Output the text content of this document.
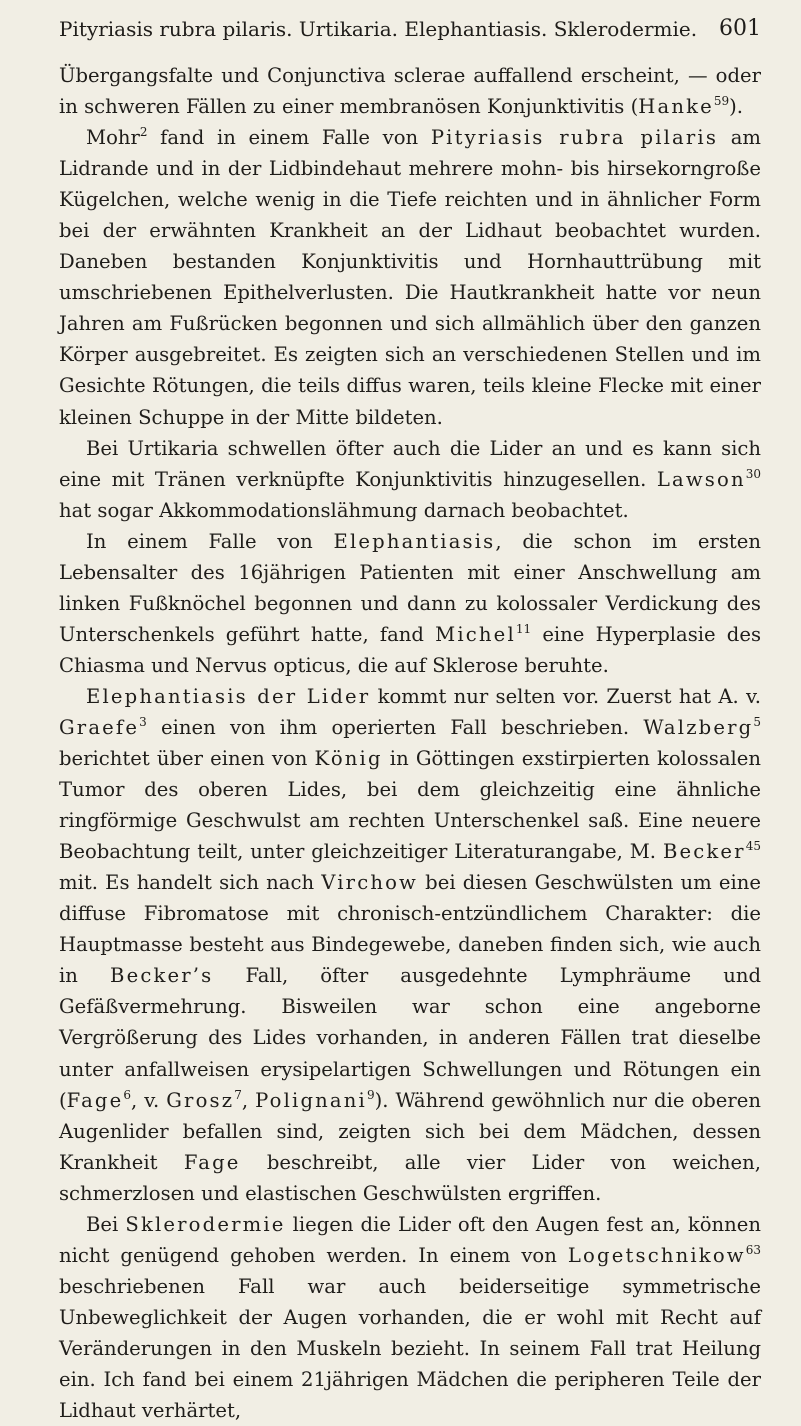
Pityriasis rubra pilaris. Urtikaria. Elephantiasis. Sklerodermie. 601

Übergangsfalte und Conjunctiva sclerae auffallend erscheint, — oder in schweren Fällen zu einer membranösen Konjunktivitis (Hanke$^{59}$).

Mohr$^2$ fand in einem Falle von Pityriasis rubra pilaris am Lidrande und in der Lidbindehaut mehrere mohn- bis hirsekorngroße Kügelchen, welche wenig in die Tiefe reichten und in ähnlicher Form bei der erwähnten Krankheit an der Lidhaut beobachtet wurden. Daneben bestanden Konjunktivitis und Hornhauttrübung mit umschriebenen Epithelverlusten. Die Hautkrankheit hatte vor neun Jahren am Fußrücken begonnen und sich allmählich über den ganzen Körper ausgebreitet. Es zeigten sich an verschiedenen Stellen und im Gesichte Rötungen, die teils diffus waren, teils kleine Flecke mit einer kleinen Schuppe in der Mitte bildeten.

Bei Urtikaria schwellen öfter auch die Lider an und es kann sich eine mit Tränen verknüpfte Konjunktivitis hinzugesellen. Lawson$^{30}$ hat sogar Akkommodationslähmung darnach beobachtet.

In einem Falle von Elephantiasis, die schon im ersten Lebensalter des 16jährigen Patienten mit einer Anschwellung am linken Fußknöchel begonnen und dann zu kolossaler Verdickung des Unterschenkels geführt hatte, fand Michel$^{11}$ eine Hyperplasie des Chiasma und Nervus opticus, die auf Sklerose beruhte.

Elephantiasis der Lider kommt nur selten vor. Zuerst hat A. v. Graefe$^3$ einen von ihm operierten Fall beschrieben. Walzberg$^5$ berichtet über einen von König in Göttingen exstirpierten kolossalen Tumor des oberen Lides, bei dem gleichzeitig eine ähnliche ringförmige Geschwulst am rechten Unterschenkel saß. Eine neuere Beobachtung teilt, unter gleichzeitiger Literaturangabe, M. Becker$^{45}$ mit. Es handelt sich nach Virchow bei diesen Geschwülsten um eine diffuse Fibromatose mit chronisch-entzündlichem Charakter: die Hauptmasse besteht aus Bindegewebe, daneben finden sich, wie auch in Becker’s Fall, öfter ausgedehnte Lymphräume und Gefäßvermehrung. Bisweilen war schon eine angeborne Vergrößerung des Lides vorhanden, in anderen Fällen trat dieselbe unter anfallweisen erysipelartigen Schwellungen und Rötungen ein (Fage$^6$, v. Grosz$^7$, Polignani$^9$). Während gewöhnlich nur die oberen Augenlider befallen sind, zeigten sich bei dem Mädchen, dessen Krankheit Fage beschreibt, alle vier Lider von weichen, schmerzlosen und elastischen Geschwülsten ergriffen.

Bei Sklerodermie liegen die Lider oft den Augen fest an, können nicht genügend gehoben werden. In einem von Logetschnikow$^{63}$ beschriebenen Fall war auch beiderseitige symmetrische Unbeweglichkeit der Augen vorhanden, die er wohl mit Recht auf Veränderungen in den Muskeln bezieht. In seinem Fall trat Heilung ein. Ich fand bei einem 21jährigen Mädchen die peripheren Teile der Lidhaut verhärtet,
